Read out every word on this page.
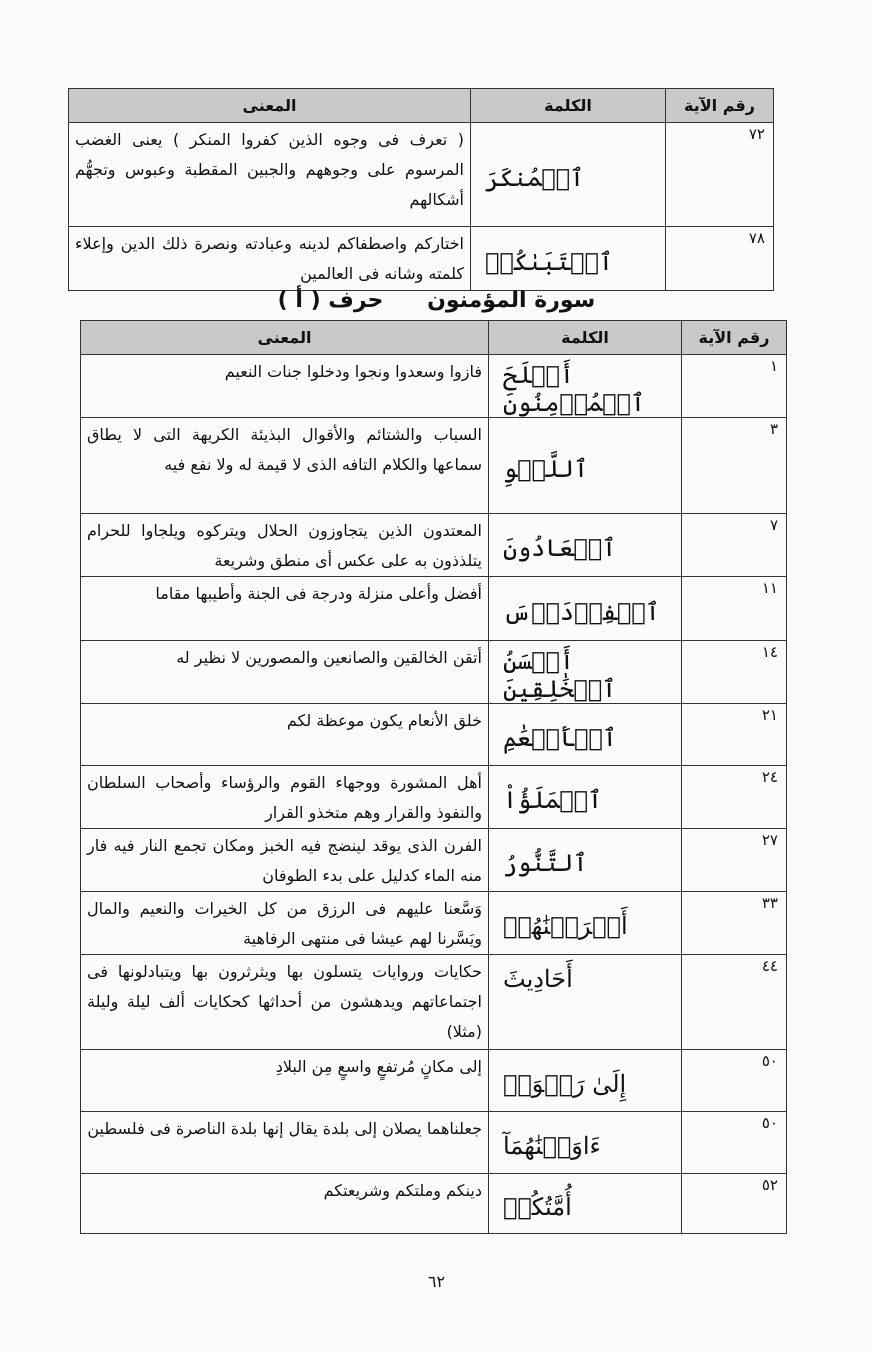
رقم الآية	الكلمة	المعنى
٧٢	ٱلۡمُنكَرَ	( تعرف فى وجوه الذين كفروا المنكر ) يعنى الغضب المرسوم على وجوههم والجبين المقطبة وعبوس وتجهُّم أشكالهم
٧٨	ٱجۡتَبَىٰكُمۡ	اختاركم واصطفاكم لدينه وعبادته ونصرة ذلك الدين وإعلاء كلمته وشانه فى العالمين
سورة المؤمنون حرف ( أ )
رقم الآية	الكلمة	المعنى
١	أَفۡلَحَ ٱلۡمُؤۡمِنُونَ	فازوا وسعدوا ونجوا ودخلوا جنات النعيم
٣	ٱللَّغۡوِ	السباب والشتائم والأقوال البذيئة الكريهة التى لا يطاق سماعها والكلام التافه الذى لا قيمة له ولا نفع فيه
٧	ٱلۡعَادُونَ	المعتدون الذين يتجاوزون الحلال ويتركوه ويلجاوا للحرام يتلذذون به على عكس أى منطق وشريعة
١١	ٱلۡفِرۡدَوۡسَ	أفضل وأعلى منزلة ودرجة فى الجنة وأطيبها مقاما
١٤	أَحۡسَنُ ٱلۡخَٰلِقِينَ	أتقن الخالقين والصانعين والمصورين لا نظير له
٢١	ٱلۡأَنۡعَٰمِ	خلق الأنعام يكون موعظة لكم
٢٤	ٱلۡمَلَؤُاْ	أهل المشورة ووجهاء القوم والرؤساء وأصحاب السلطان والنفوذ والقرار وهم متخذو القرار
٢٧	ٱلتَّنُّورُ	الفرن الذى يوقد لينضج فيه الخبز ومكان تجمع النار فيه فار منه الماء كدليل على بدء الطوفان
٣٣	أَتۡرَفۡنَٰهُمۡ	وَسَّعنا عليهم فى الرزق من كل الخيرات والنعيم والمال ويَسَّرنا لهم عيشا فى منتهى الرفاهية
٤٤	أَحَادِيثَ	حكايات وروايات يتسلون بها ويثرثرون بها ويتبادلونها فى اجتماعاتهم ويدهشون من أحداثها كحكايات ألف ليلة وليلة (مثلا)
٥٠	إِلَىٰ رَبۡوَةٖ	إلى مكانٍ مُرتفعٍ واسعٍ مِن البلادِ
٥٠	ءَاوَيۡنَٰهُمَآ	جعلناهما يصلان إلى بلدة يقال إنها بلدة الناصرة فى فلسطين
٥٢	أُمَّتُكُمۡ	دينكم وملتكم وشريعتكم
٦٢
